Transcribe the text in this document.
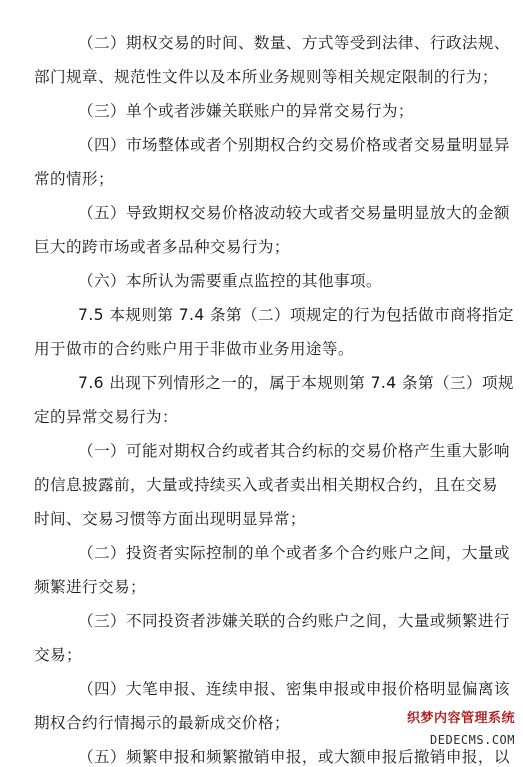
（二）期权交易的时间、数量、方式等受到法律、行政法规、
部门规章、规范性文件以及本所业务规则等相关规定限制的行为；
（三）单个或者涉嫌关联账户的异常交易行为；
（四）市场整体或者个别期权合约交易价格或者交易量明显异
常的情形；
（五）导致期权交易价格波动较大或者交易量明显放大的金额
巨大的跨市场或者多品种交易行为；
（六）本所认为需要重点监控的其他事项。
7.5 本规则第 7.4 条第（二）项规定的行为包括做市商将指定
用于做市的合约账户用于非做市业务用途等。
7.6 出现下列情形之一的，属于本规则第 7.4 条第（三）项规
定的异常交易行为：
（一）可能对期权合约或者其合约标的交易价格产生重大影响
的信息披露前，大量或持续买入或者卖出相关期权合约，且在交易
时间、交易习惯等方面出现明显异常；
（二）投资者实际控制的单个或者多个合约账户之间，大量或
频繁进行交易；
（三）不同投资者涉嫌关联的合约账户之间，大量或频繁进行
交易；
（四）大笔申报、连续申报、密集申报或申报价格明显偏离该
期权合约行情揭示的最新成交价格；
（五）频繁申报和频繁撤销申报，或大额申报后撤销申报，以
织梦内容管理系统
DEDECMS.COM
